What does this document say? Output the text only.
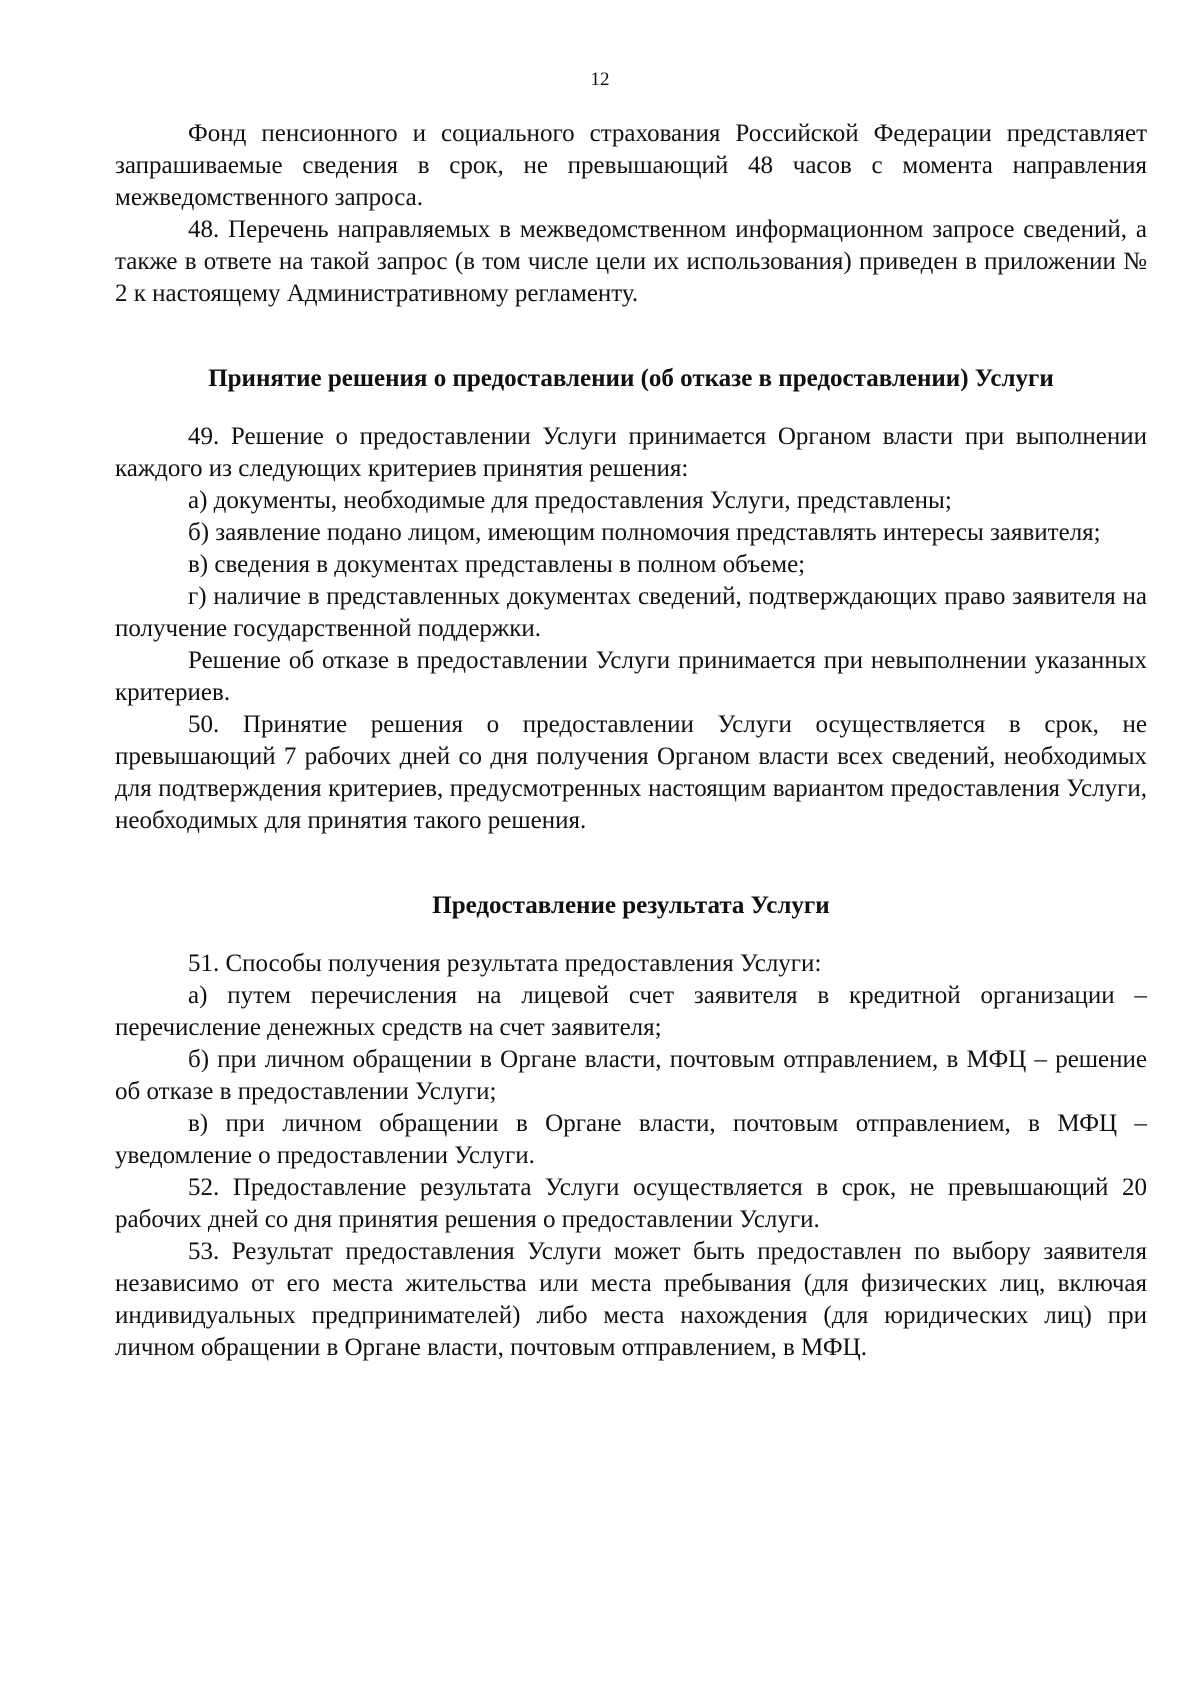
12

Фонд пенсионного и социального страхования Российской Федерации представляет запрашиваемые сведения в срок, не превышающий 48 часов с момента направления межведомственного запроса.

48. Перечень направляемых в межведомственном информационном запросе сведений, а также в ответе на такой запрос (в том числе цели их использования) приведен в приложении № 2 к настоящему Административному регламенту.

Принятие решения о предоставлении (об отказе в предоставлении) Услуги

49. Решение о предоставлении Услуги принимается Органом власти при выполнении каждого из следующих критериев принятия решения:

а) документы, необходимые для предоставления Услуги, представлены;

б) заявление подано лицом, имеющим полномочия представлять интересы заявителя;

в) сведения в документах представлены в полном объеме;

г) наличие в представленных документах сведений, подтверждающих право заявителя на получение государственной поддержки.

Решение об отказе в предоставлении Услуги принимается при невыполнении указанных критериев.

50. Принятие решения о предоставлении Услуги осуществляется в срок, не превышающий 7 рабочих дней со дня получения Органом власти всех сведений, необходимых для подтверждения критериев, предусмотренных настоящим вариантом предоставления Услуги, необходимых для принятия такого решения.

Предоставление результата Услуги

51. Способы получения результата предоставления Услуги:

а) путем перечисления на лицевой счет заявителя в кредитной организации – перечисление денежных средств на счет заявителя;

б) при личном обращении в Органе власти, почтовым отправлением, в МФЦ – решение об отказе в предоставлении Услуги;

в) при личном обращении в Органе власти, почтовым отправлением, в МФЦ – уведомление о предоставлении Услуги.

52. Предоставление результата Услуги осуществляется в срок, не превышающий 20 рабочих дней со дня принятия решения о предоставлении Услуги.

53. Результат предоставления Услуги может быть предоставлен по выбору заявителя независимо от его места жительства или места пребывания (для физических лиц, включая индивидуальных предпринимателей) либо места нахождения (для юридических лиц) при личном обращении в Органе власти, почтовым отправлением, в МФЦ.
